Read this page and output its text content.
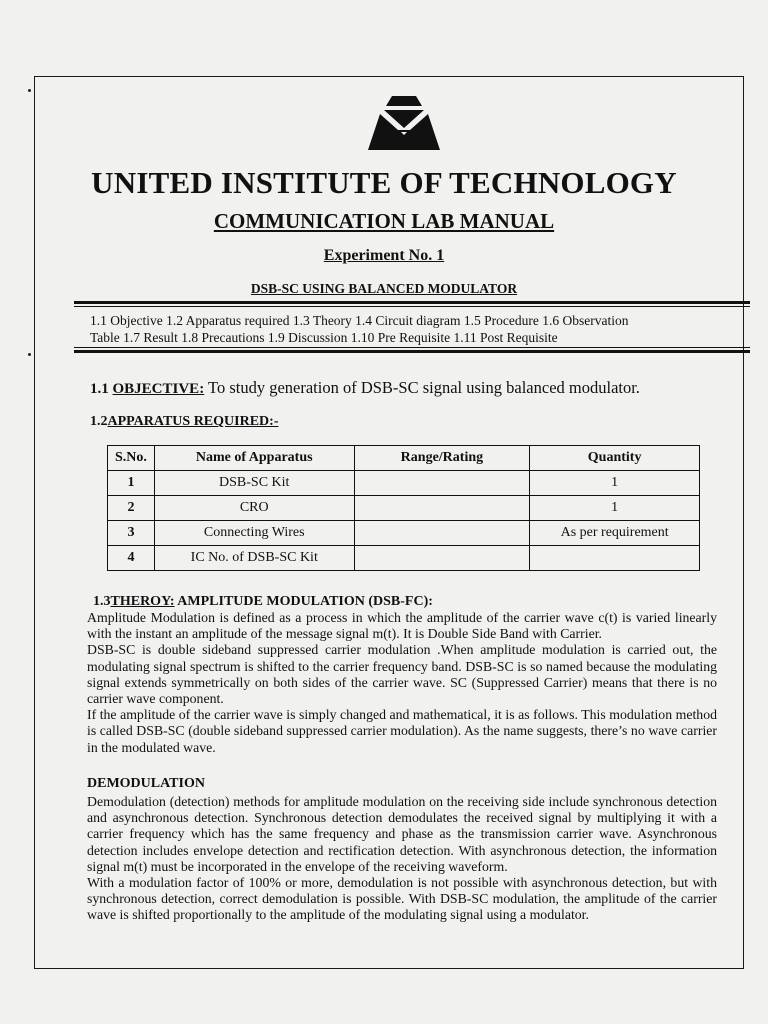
UNITED INSTITUTE OF TECHNOLOGY
COMMUNICATION LAB MANUAL
Experiment No. 1
DSB-SC USING BALANCED MODULATOR
1.1 Objective 1.2 Apparatus required 1.3 Theory 1.4 Circuit diagram 1.5 Procedure 1.6 Observation
Table 1.7 Result 1.8 Precautions 1.9 Discussion 1.10 Pre Requisite 1.11 Post Requisite
1.1 OBJECTIVE: To study generation of DSB-SC signal using balanced modulator.
1.2APPARATUS REQUIRED:-
S.No.	Name of Apparatus	Range/Rating	Quantity
1	DSB-SC Kit		1
2	CRO		1
3	Connecting Wires		As per requirement
4	IC No. of DSB-SC Kit		
1.3THEROY: AMPLITUDE MODULATION (DSB-FC):
Amplitude Modulation is defined as a process in which the amplitude of the carrier wave c(t) is varied linearly with the instant an amplitude of the message signal m(t). It is Double Side Band with Carrier.
DSB-SC is double sideband suppressed carrier modulation .When amplitude modulation is carried out, the modulating signal spectrum is shifted to the carrier frequency band. DSB-SC is so named because the modulating signal extends symmetrically on both sides of the carrier wave. SC (Suppressed Carrier) means that there is no carrier wave component.
If the amplitude of the carrier wave is simply changed and mathematical, it is as follows. This modulation method is called DSB-SC (double sideband suppressed carrier modulation). As the name suggests, there’s no wave carrier in the modulated wave.
DEMODULATION
Demodulation (detection) methods for amplitude modulation on the receiving side include synchronous detection and asynchronous detection. Synchronous detection demodulates the received signal by multiplying it with a carrier frequency which has the same frequency and phase as the transmission carrier wave. Asynchronous detection includes envelope detection and rectification detection. With asynchronous detection, the information signal m(t) must be incorporated in the envelope of the receiving waveform.
With a modulation factor of 100% or more, demodulation is not possible with asynchronous detection, but with synchronous detection, correct demodulation is possible. With DSB-SC modulation, the amplitude of the carrier wave is shifted proportionally to the amplitude of the modulating signal using a modulator.
